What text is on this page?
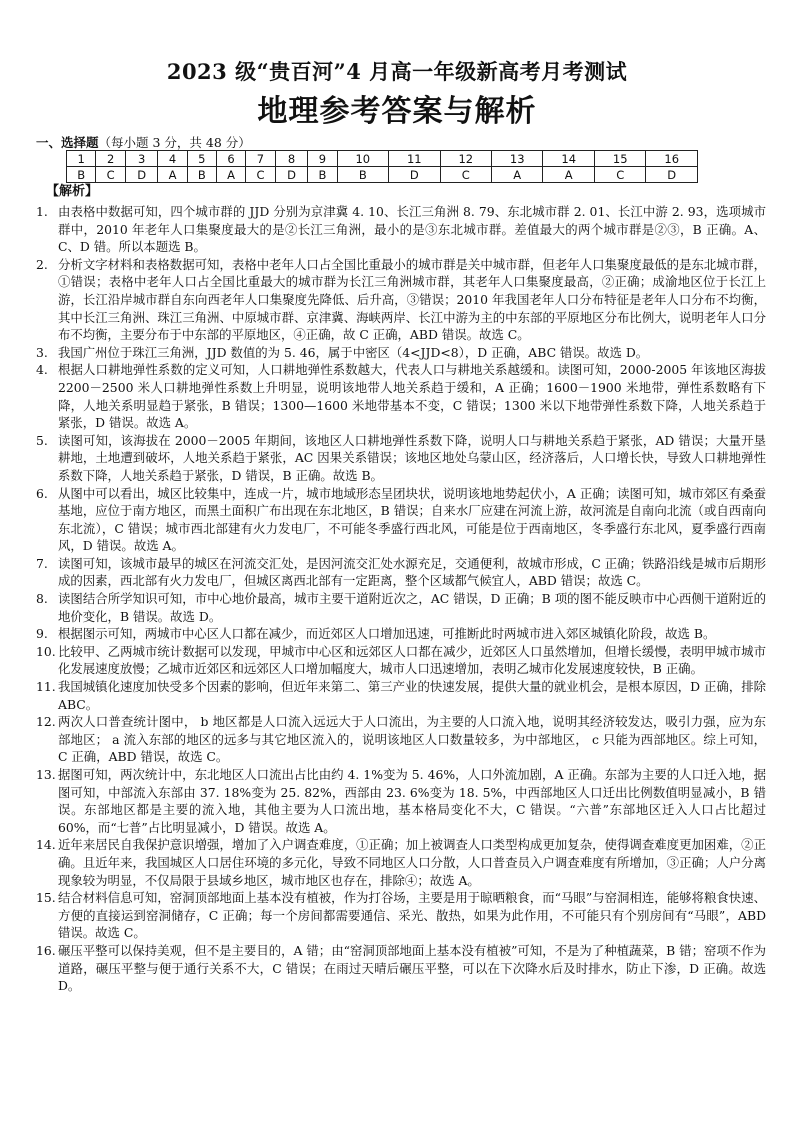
2023 级“贵百河”4 月高一年级新高考月考测试
地理参考答案与解析
一、选择题（每小题 3 分，共 48 分）
1	2	3	4	5	6	7	8	9	10	11	12	13	14	15	16
B	C	D	A	B	A	C	D	B	B	D	C	A	A	C	D
【解析】
1. 由表格中数据可知，四个城市群的 JJD 分别为京津冀 4. 10、长江三角洲 8. 79、东北城市群 2. 01、长江中游 2. 93，选项城市群中，2010 年老年人口集聚度最大的是②长江三角洲，最小的是③东北城市群。差值最大的两个城市群是②③，B 正确。A、C、D 错。所以本题选 B。
2. 分析文字材料和表格数据可知，表格中老年人口占全国比重最小的城市群是关中城市群，但老年人口集聚度最低的是东北城市群，①错误；表格中老年人口占全国比重最大的城市群为长江三角洲城市群，其老年人口集聚度最高，②正确；成渝地区位于长江上游，长江沿岸城市群自东向西老年人口集聚度先降低、后升高，③错误；2010 年我国老年人口分布特征是老年人口分布不均衡，其中长江三角洲、珠江三角洲、中原城市群、京津冀、海峡两岸、长江中游为主的中东部的平原地区分布比例大，说明老年人口分布不均衡，主要分布于中东部的平原地区，④正确，故 C 正确，ABD 错误。故选 C。
3. 我国广州位于珠江三角洲，JJD 数值的为 5. 46，属于中密区（4<JJD<8），D 正确，ABC 错误。故选 D。
4. 根据人口耕地弹性系数的定义可知，人口耕地弹性系数越大，代表人口与耕地关系越缓和。读图可知，2000-2005 年该地区海拔 2200－2500 米人口耕地弹性系数上升明显，说明该地带人地关系趋于缓和，A 正确；1600－1900 米地带，弹性系数略有下降，人地关系明显趋于紧张，B 错误；1300—1600 米地带基本不变，C 错误；1300 米以下地带弹性系数下降，人地关系趋于紧张，D 错误。故选 A。
5. 读图可知，该海拔在 2000－2005 年期间，该地区人口耕地弹性系数下降，说明人口与耕地关系趋于紧张，AD 错误；大量开垦耕地，土地遭到破坏，人地关系趋于紧张，AC 因果关系错误；该地区地处乌蒙山区，经济落后，人口增长快，导致人口耕地弹性系数下降，人地关系趋于紧张，D 错误，B 正确。故选 B。
6. 从图中可以看出，城区比较集中，连成一片，城市地域形态呈团块状，说明该地地势起伏小，A 正确；读图可知，城市郊区有桑蚕基地，应位于南方地区，而黑土面积广布出现在东北地区，B 错误；自来水厂应建在河流上游，故河流是自南向北流（或自西南向东北流），C 错误；城市西北部建有火力发电厂，不可能冬季盛行西北风，可能是位于西南地区，冬季盛行东北风，夏季盛行西南风，D 错误。故选 A。
7. 读图可知，该城市最早的城区在河流交汇处，是因河流交汇处水源充足，交通便利，故城市形成，C 正确；铁路沿线是城市后期形成的因素，西北部有火力发电厂，但城区离西北部有一定距离，整个区域都气候宜人，ABD 错误；故选 C。
8. 读图结合所学知识可知，市中心地价最高，城市主要干道附近次之，AC 错误，D 正确；B 项的图不能反映市中心西侧干道附近的地价变化，B 错误。故选 D。
9. 根据图示可知，两城市中心区人口都在减少，而近郊区人口增加迅速，可推断此时两城市进入郊区城镇化阶段，故选 B。
10. 比较甲、乙两城市统计数据可以发现，甲城市中心区和远郊区人口都在减少，近郊区人口虽然增加，但增长缓慢，表明甲城市城市化发展速度放慢；乙城市近郊区和远郊区人口增加幅度大，城市人口迅速增加，表明乙城市化发展速度较快，B 正确。
11. 我国城镇化速度加快受多个因素的影响，但近年来第二、第三产业的快速发展，提供大量的就业机会，是根本原因，D 正确，排除 ABC。
12. 两次人口普查统计图中， b 地区都是人口流入远远大于人口流出，为主要的人口流入地，说明其经济较发达，吸引力强，应为东部地区； a 流入东部的地区的远多与其它地区流入的，说明该地区人口数量较多，为中部地区， c 只能为西部地区。综上可知，C 正确，ABD 错误，故选 C。
13. 据图可知，两次统计中，东北地区人口流出占比由约 4. 1%变为 5. 46%，人口外流加剧，A 正确。东部为主要的人口迁入地，据图可知，中部流入东部由 37. 18%变为 25. 82%，西部由 23. 6%变为 18. 5%，中西部地区人口迁出比例数值明显减小，B 错误。东部地区都是主要的流入地，其他主要为人口流出地，基本格局变化不大，C 错误。“六普”东部地区迁入人口占比超过 60%，而“七普”占比明显减小，D 错误。故选 A。
14. 近年来居民自我保护意识增强，增加了入户调查难度，①正确；加上被调查人口类型构成更加复杂，使得调查难度更加困难，②正确。且近年来，我国城区人口居住环境的多元化，导致不同地区人口分散，人口普查员入户调查难度有所增加，③正确；人户分离现象较为明显，不仅局限于县域乡地区，城市地区也存在，排除④；故选 A。
15. 结合材料信息可知，窑洞顶部地面上基本没有植被，作为打谷场，主要是用于晾晒粮食，而“马眼”与窑洞相连，能够将粮食快速、方便的直接运到窑洞储存，C 正确；每一个房间都需要通信、采光、散热，如果为此作用，不可能只有个别房间有“马眼”，ABD 错误。故选 C。
16. 碾压平整可以保持美观，但不是主要目的，A 错；由“窑洞顶部地面上基本没有植被”可知，不是为了种植蔬菜，B 错；窑项不作为道路，碾压平整与便于通行关系不大，C 错误；在雨过天晴后碾压平整，可以在下次降水后及时排水，防止下渗，D 正确。故选 D。
